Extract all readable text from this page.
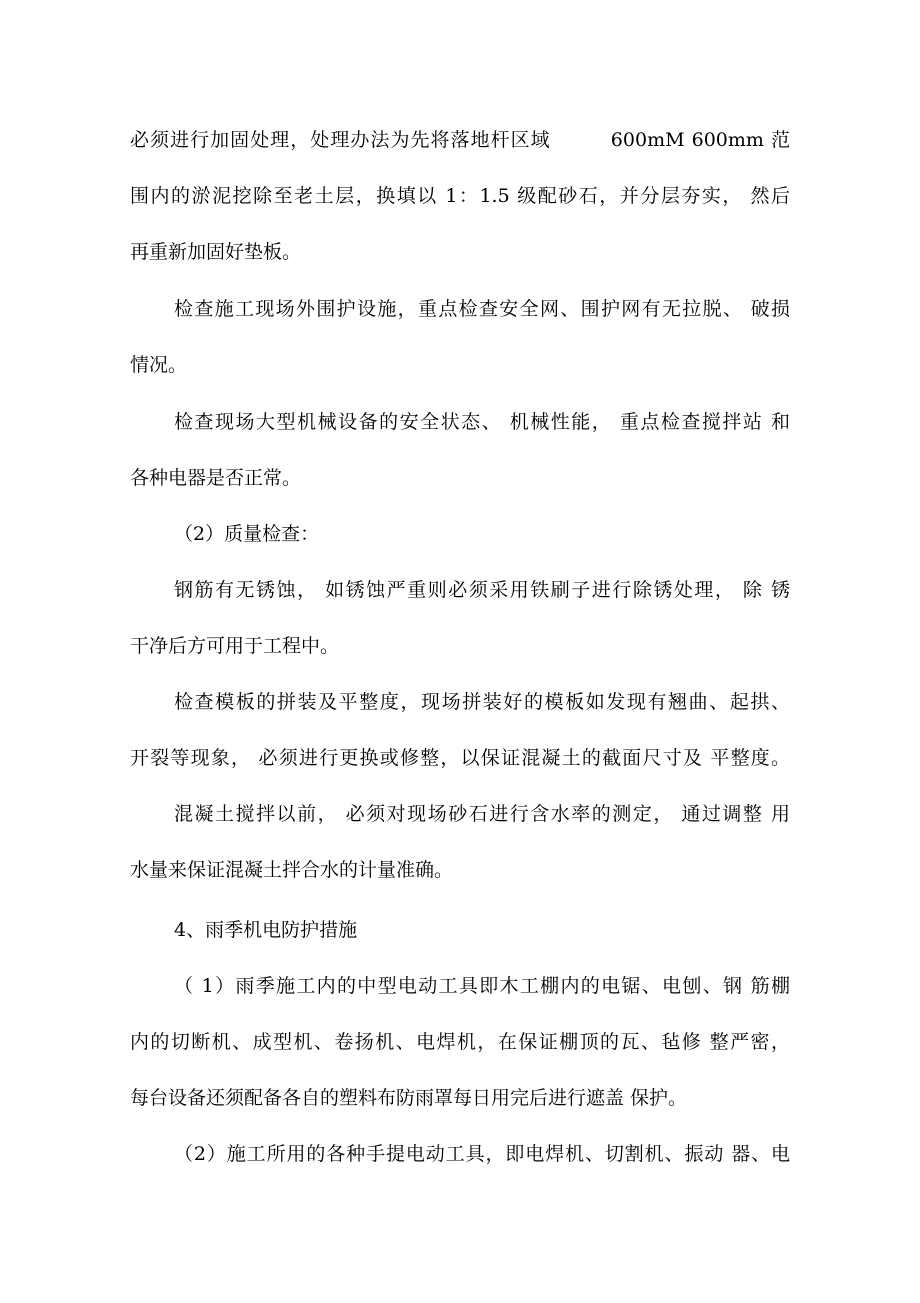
必须进行加固处理，处理办法为先将落地杆区域　　　600mM 600mm 范
围内的淤泥挖除至老土层，换填以 1：1.5 级配砂石，并分层夯实， 然后
再重新加固好垫板。
检查施工现场外围护设施，重点检查安全网、围护网有无拉脱、 破损
情况。
检查现场大型机械设备的安全状态、 机械性能， 重点检查搅拌站 和
各种电器是否正常。
（2）质量检查：
钢筋有无锈蚀， 如锈蚀严重则必须采用铁刷子进行除锈处理， 除 锈
干净后方可用于工程中。
检查模板的拼装及平整度，现场拼装好的模板如发现有翘曲、起拱、
开裂等现象， 必须进行更换或修整，以保证混凝土的截面尺寸及 平整度。
混凝土搅拌以前， 必须对现场砂石进行含水率的测定， 通过调整 用
水量来保证混凝土拌合水的计量准确。
4、雨季机电防护措施
（ 1）雨季施工内的中型电动工具即木工棚内的电锯、电刨、钢 筋棚
内的切断机、成型机、卷扬机、电焊机，在保证棚顶的瓦、毡修 整严密，
每台设备还须配备各自的塑料布防雨罩每日用完后进行遮盖 保护。
（2）施工所用的各种手提电动工具，即电焊机、切割机、振动 器、电
